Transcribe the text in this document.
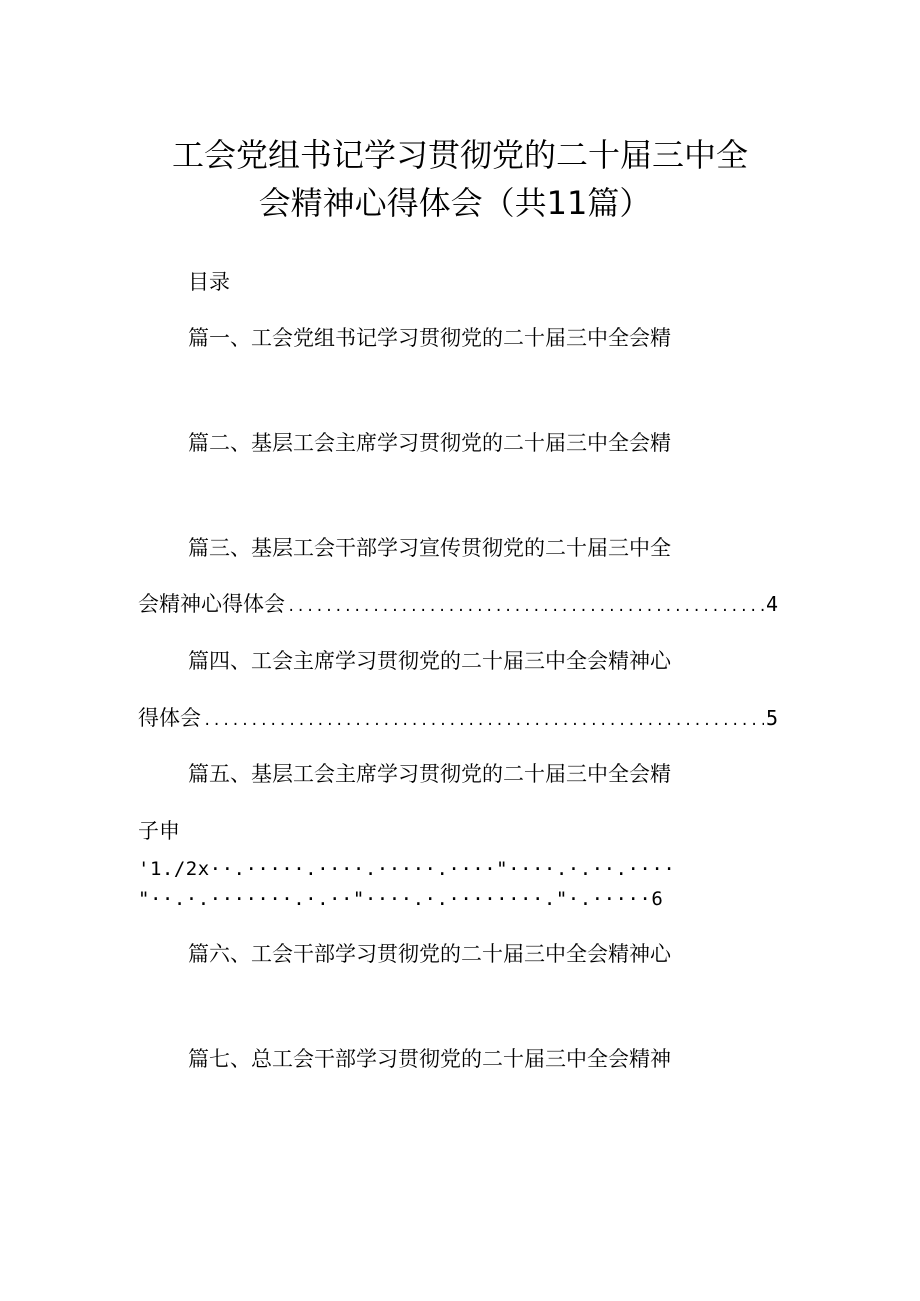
工会党组书记学习贯彻党的二十届三中全
会精神心得体会（共11篇）
目录
篇一、工会党组书记学习贯彻党的二十届三中全会精
篇二、基层工会主席学习贯彻党的二十届三中全会精
篇三、基层工会干部学习宣传贯彻党的二十届三中全
会精神心得体会 .....	4
篇四、工会主席学习贯彻党的二十届三中全会精神心
得体会 .....	5
篇五、基层工会主席学习贯彻党的二十届三中全会精
子申
'1./2x··.·····.····.·····.····"····.·.··.····
"··.·.·······.·.··"····.·.········."·.·····6
篇六、工会干部学习贯彻党的二十届三中全会精神心
篇七、总工会干部学习贯彻党的二十届三中全会精神
